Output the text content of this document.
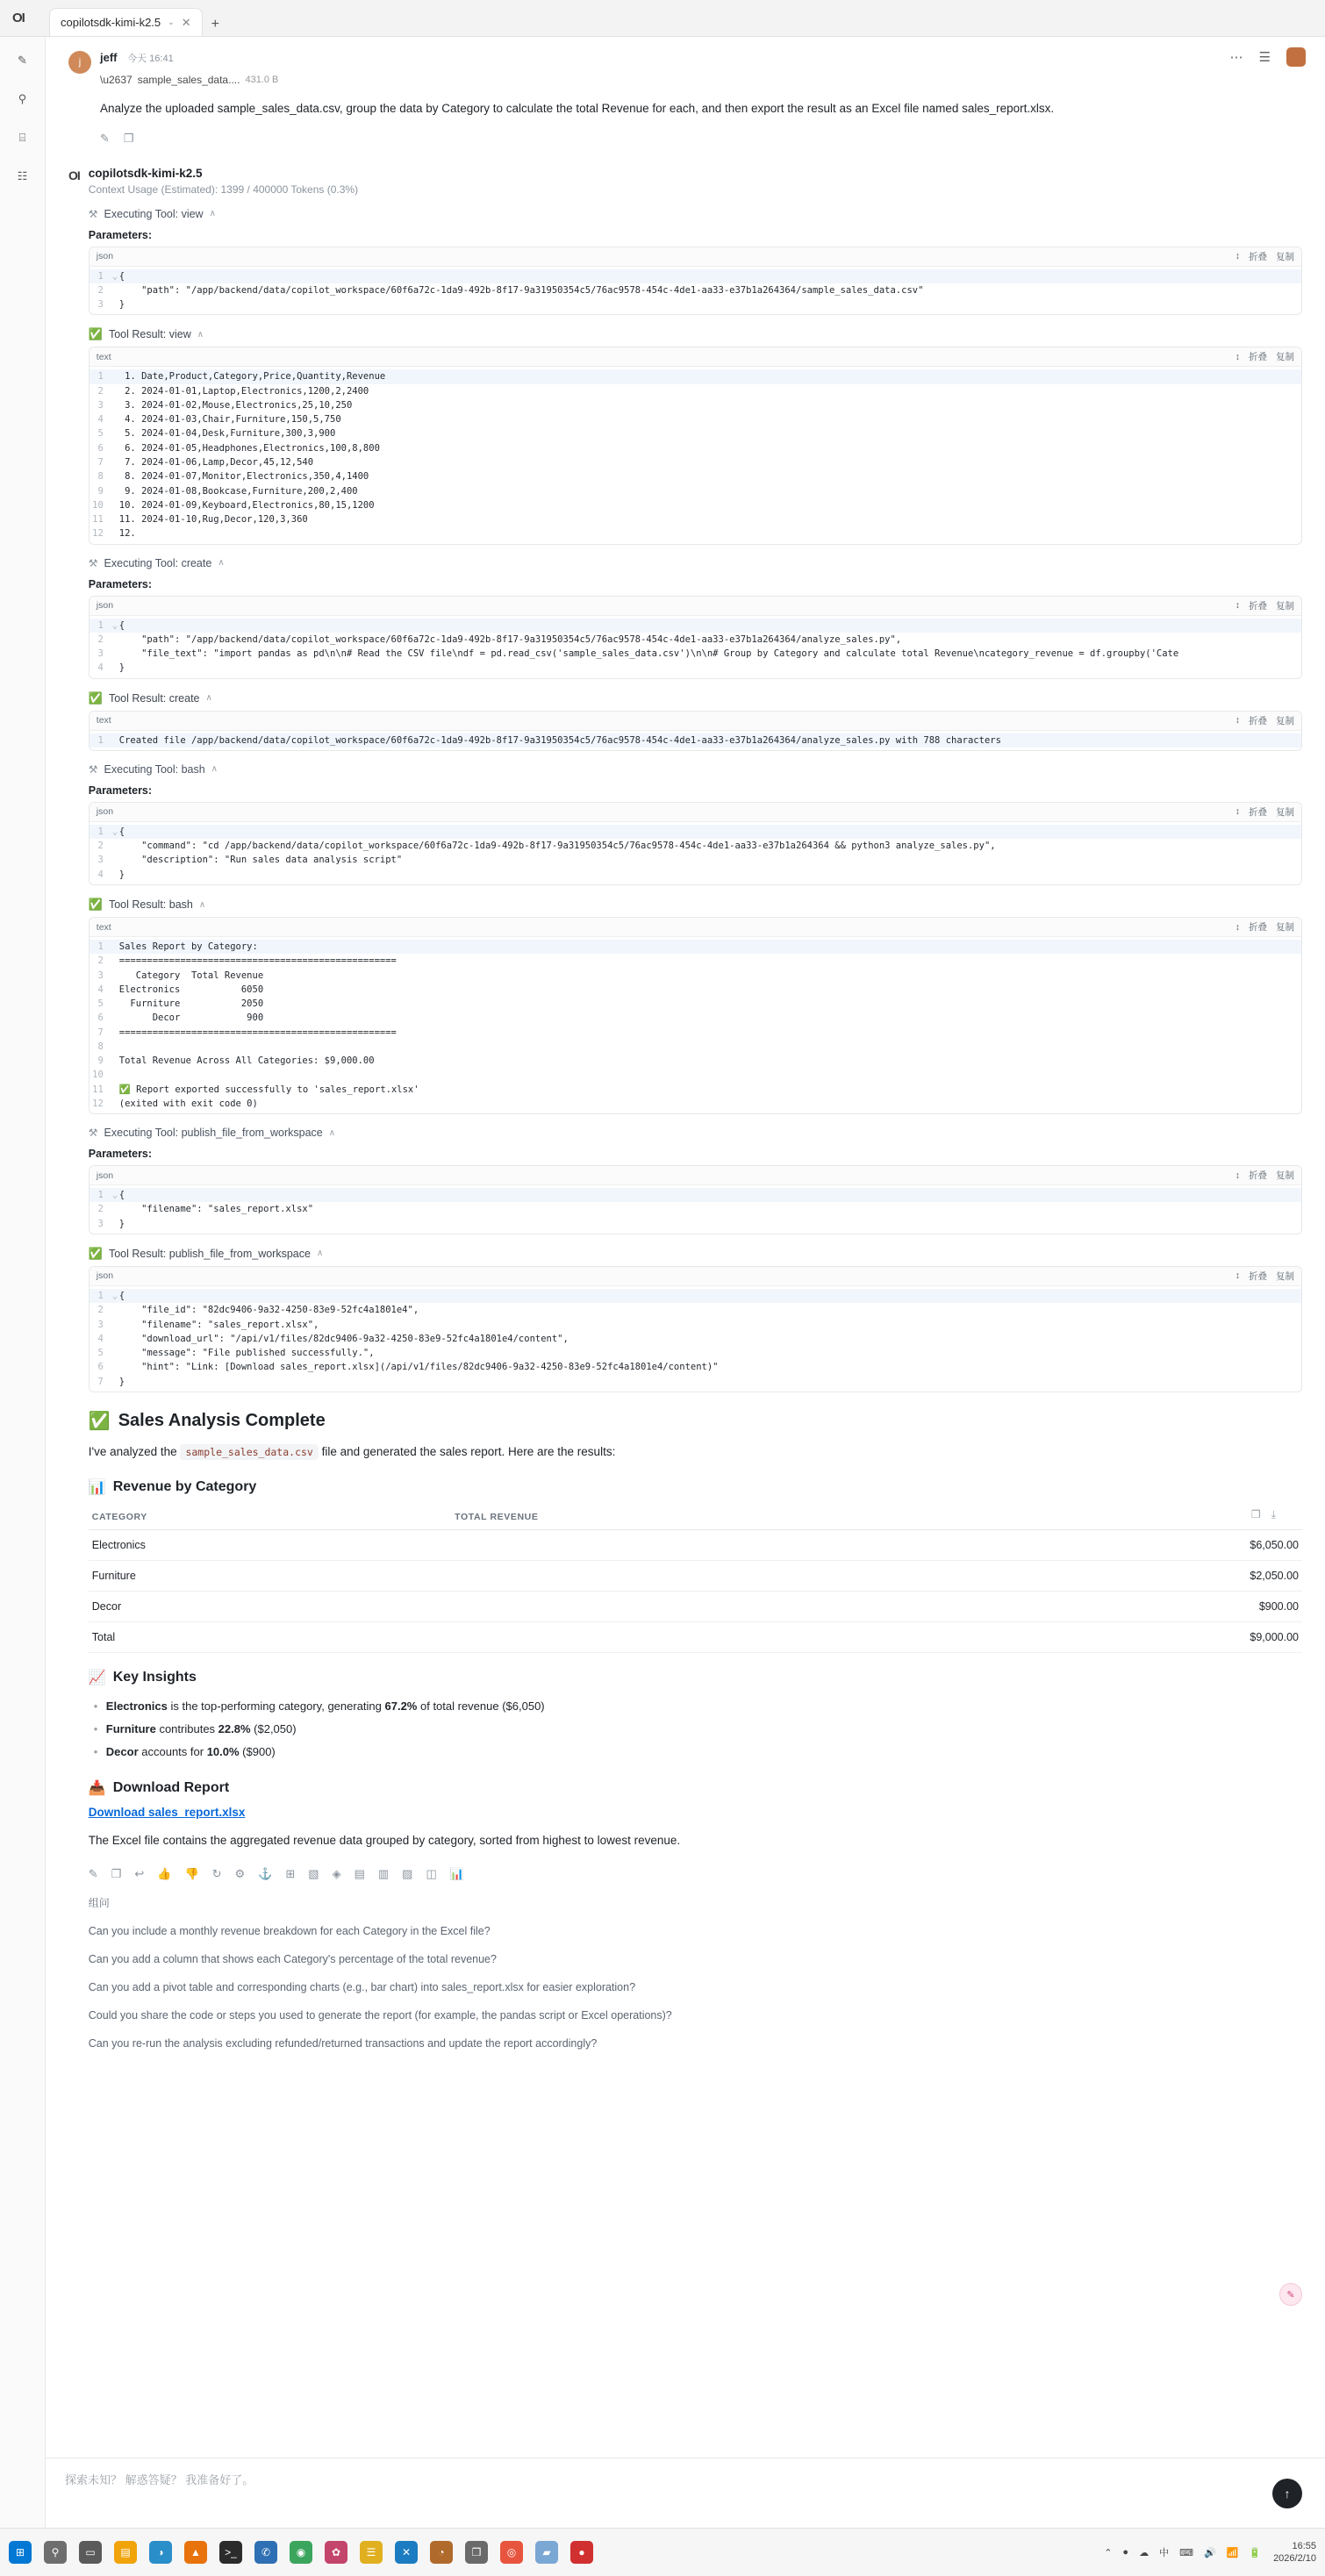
OI	copilotsdk-kimi-k2.5 ⌄ ✕ +
✎
⚲
⌸
☷
⋯ ☰
j	jeff 今天 16:41
\u2637 sample_sales_data.... 431.0 B
Analyze the uploaded sample_sales_data.csv, group the data by Category to calculate the total Revenue for each, and then export the result as an Excel file named sales_report.xlsx.
✎ ❐
OI copilotsdk-kimi-k2.5
Context Usage (Estimated): 1399 / 400000 Tokens (0.3%)
⚒ Executing Tool: view ∧
Parameters:
json	↕ 折叠 复制
1 ⌄ {
2	"path": "/app/backend/data/copilot_workspace/60f6a72c-1da9-492b-8f17-9a31950354c5/76ac9578-454c-4de1-aa33-e37b1a264364/sample_sales_data.csv"
3	}
✅ Tool Result: view ∧
text	↕ 折叠 复制
1	1. Date,Product,Category,Price,Quantity,Revenue
2	2. 2024-01-01,Laptop,Electronics,1200,2,2400
3	3. 2024-01-02,Mouse,Electronics,25,10,250
4	4. 2024-01-03,Chair,Furniture,150,5,750
5	5. 2024-01-04,Desk,Furniture,300,3,900
6	6. 2024-01-05,Headphones,Electronics,100,8,800
7	7. 2024-01-06,Lamp,Decor,45,12,540
8	8. 2024-01-07,Monitor,Electronics,350,4,1400
9	9. 2024-01-08,Bookcase,Furniture,200,2,400
10	10. 2024-01-09,Keyboard,Electronics,80,15,1200
11	11. 2024-01-10,Rug,Decor,120,3,360
12	12.
⚒ Executing Tool: create ∧
Parameters:
json	↕ 折叠 复制
1 ⌄ {
2	"path": "/app/backend/data/copilot_workspace/60f6a72c-1da9-492b-8f17-9a31950354c5/76ac9578-454c-4de1-aa33-e37b1a264364/analyze_sales.py",
3	"file_text": "import pandas as pd\n\n# Read the CSV file\ndf = pd.read_csv('sample_sales_data.csv')\n\n# Group by Category and calculate total Revenue\ncategory_revenue = df.groupby('Cate
4	}
✅ Tool Result: create ∧
text	↕ 折叠 复制
1	Created file /app/backend/data/copilot_workspace/60f6a72c-1da9-492b-8f17-9a31950354c5/76ac9578-454c-4de1-aa33-e37b1a264364/analyze_sales.py with 788 characters
⚒ Executing Tool: bash ∧
Parameters:
json	↕ 折叠 复制
1 ⌄ {
2	"command": "cd /app/backend/data/copilot_workspace/60f6a72c-1da9-492b-8f17-9a31950354c5/76ac9578-454c-4de1-aa33-e37b1a264364 && python3 analyze_sales.py",
3	"description": "Run sales data analysis script"
4	}
✅ Tool Result: bash ∧
text	↕ 折叠 复制
1	Sales Report by Category:
2	==================================================
3	Category  Total Revenue
4	Electronics           6050
5	Furniture           2050
6	Decor            900
7	==================================================
8
9	Total Revenue Across All Categories: $9,000.00
10
11	✅ Report exported successfully to 'sales_report.xlsx'
12	(exited with exit code 0)
⚒ Executing Tool: publish_file_from_workspace ∧
Parameters:
json	↕ 折叠 复制
1 ⌄ {
2	"filename": "sales_report.xlsx"
3	}
✅ Tool Result: publish_file_from_workspace ∧
json	↕ 折叠 复制
1 ⌄ {
2	"file_id": "82dc9406-9a32-4250-83e9-52fc4a1801e4",
3	"filename": "sales_report.xlsx",
4	"download_url": "/api/v1/files/82dc9406-9a32-4250-83e9-52fc4a1801e4/content",
5	"message": "File published successfully.",
6	"hint": "Link: [Download sales_report.xlsx](/api/v1/files/82dc9406-9a32-4250-83e9-52fc4a1801e4/content)"
7	}
✅ Sales Analysis Complete
I've analyzed the sample_sales_data.csv file and generated the sales report. Here are the results:
📊 Revenue by Category
❐ ⤓
CATEGORY	TOTAL REVENUE	
Electronics		$6,050.00
Furniture		$2,050.00
Decor		$900.00
Total		$9,000.00
📈 Key Insights
• Electronics is the top-performing category, generating 67.2% of total revenue ($6,050)
• Furniture contributes 22.8% ($2,050)
• Decor accounts for 10.0% ($900)
📥 Download Report
Download sales_report.xlsx
The Excel file contains the aggregated revenue data grouped by category, sorted from highest to lowest revenue.
✎ ❐ ↩ 👍 👎 ↻ ⚙ ⚓ ⊞ ▧ ◈ ▤ ▥ ▨ ◫ 📊
组问
Can you include a monthly revenue breakdown for each Category in the Excel file?
Can you add a column that shows each Category's percentage of the total revenue?
Can you add a pivot table and corresponding charts (e.g., bar chart) into sales_report.xlsx for easier exploration?
Could you share the code or steps you used to generate the report (for example, the pandas script or Excel operations)?
Can you re-run the analysis excluding refunded/returned transactions and update the report accordingly?
✎
探索未知？ 解惑答疑？ 我准备好了。
↑
⊞	⚲	▭	▤	◑	▲	>_	✆	◉	✿	☰	✕	◔	❒	◎	▰	●	⌃ ● ☁ 中 ⌨ 🔊 📶 🔋
16:55
2026/2/10
